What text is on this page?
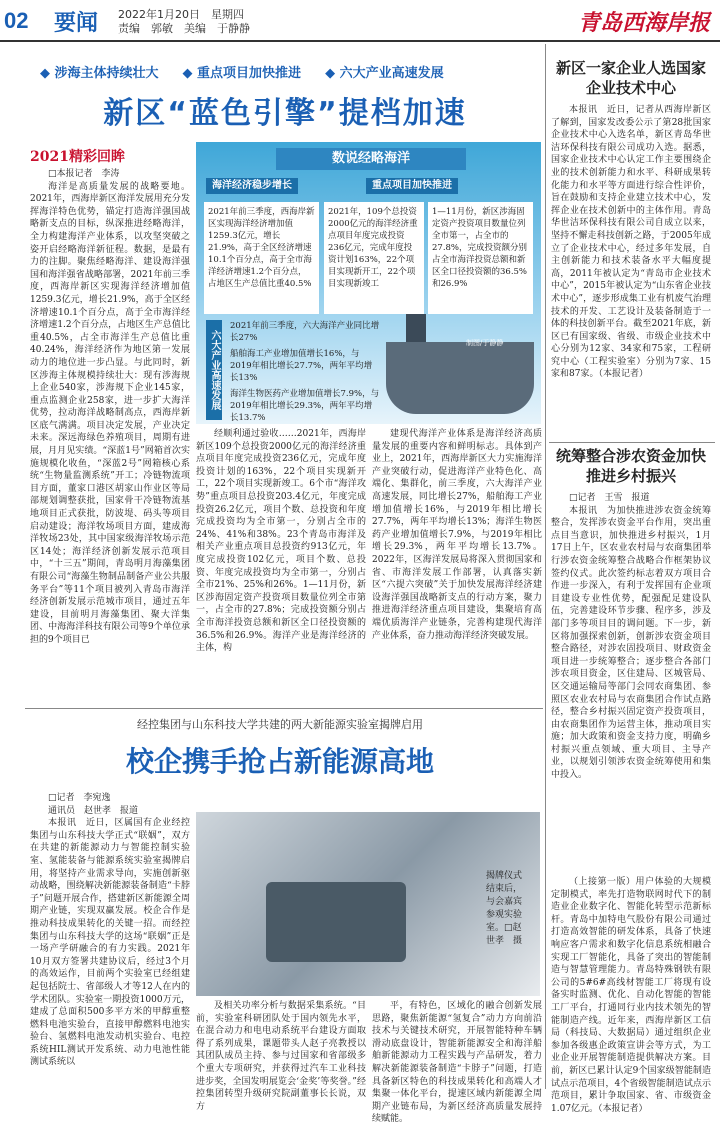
02 要闻 2022年1月20日　星期四
责编　郭敏　美编　于静静	青岛西海岸报
◆ 涉海主体持续壮大 ◆ 重点项目加快推进 ◆ 六大产业高速发展
新区“蓝色引擎”提档加速
2021精彩回眸

□本报记者　李涛

海洋是高质量发展的战略要地。2021年，西海岸新区海洋发展用充分发挥海洋特色优势，锚定打造海洋强国战略新支点的目标，纵深推进经略海洋，全力构建海洋产业体系，以攻坚突破之姿开启经略海洋新征程。数据，是最有力的注脚。聚焦经略海洋、建设海洋强国和海洋强省战略部署，2021年前三季度，西海岸新区实现海洋经济增加值1259.3亿元，增长21.9%，高于全区经济增速10.1个百分点，高于全市海洋经济增速1.2个百分点，占地区生产总值比重40.5%，占全市海洋生产总值比重40.24%，海洋经济作为地区第一发展动力的地位进一步凸显。与此同时，新区涉海主体规模持续壮大：现有涉海规上企业540家，涉海规下企业145家，重点监测企业258家，进一步扩大海洋优势，拉动海洋战略制高点，西海岸新区底气满满。项目决定发展，产业决定未来。深远海绿色养殖项目，周期有进展，月月见实绩。“深蓝1号”网箱首次实施规模化收鱼，“深蓝2号”网箱核心系统“生物量监测系统”开工；冷链物流项目方面，董家口港区胡家山作业区等局部规划调整获批，国家骨干冷链物流基地项目正式获批，防波堤、码头等项目启动建设；海洋牧场项目方面，建成海洋牧场23处，其中国家级海洋牧场示范区14处；海洋经济创新发展示范项目中，“十三五”期间，青岛明月海藻集团有限公司“海藻生物制品制备产业公共服务平台”等11个项目被列入青岛市海洋经济创新发展示范城市项目，通过五年建设，目前明月海藻集团、聚大洋集团、中海海洋科技有限公司等9个单位承担的9个项目已

数说经略海洋
海洋经济稳步增长	重点项目加快推进
2021年前三季度，西海岸新区实现海洋经济增加值1259.3亿元，增长21.9%，高于全区经济增速10.1个百分点，高于全市海洋经济增速1.2个百分点，占地区生产总值比重40.5%
2021年，109个总投资2000亿元的海洋经济重点项目年度完成投资236亿元，完成年度投资计划163%，22个项目实现新开工，22个项目实现新竣工
1—11月份，新区涉海固定资产投资项目数量位列全市第一，占全市的27.8%，完成投资额分别占全市海洋投资总额和新区全口径投资额的36.5%和26.9%
六大产业高速发展
2021年前三季度，六大海洋产业同比增长27%
船舶海工产业增加值增长16%，与2019年相比增长27.7%，两年平均增长13%
海洋生物医药产业增加值增长7.9%，与2019年相比增长29.3%，两年平均增长13.7%
制图/于静静

经顺利通过验收……2021年，西海岸新区109个总投资2000亿元的海洋经济重点项目年度完成投资236亿元，完成年度投资计划的163%，22个项目实现新开工，22个项目实现新竣工。6个市“海洋攻势”重点项目总投资203.4亿元，年度完成投资26.2亿元，项目个数、总投资和年度完成投资均为全市第一，分别占全市的24%、41%和38%。23个青岛市海洋及相关产业重点项目总投资约913亿元，年度完成投资102亿元，项目个数、总投资、年度完成投资均为全市第一，分别占全市21%、25%和26%。1—11月份，新区涉海固定资产投资项目数量位列全市第一，占全市的27.8%；完成投资额分别占全市海洋投资总额和新区全口径投资额的36.5%和26.9%。海洋产业是海洋经济的主体，构

建现代海洋产业体系是海洋经济高质量发展的重要内容和鲜明标志。具体到产业上，2021年，西海岸新区大力实施海洋产业突破行动，促进海洋产业特色化、高端化、集群化，前三季度，六大海洋产业高速发展，同比增长27%，船舶海工产业增加值增长16%，与2019年相比增长27.7%，两年平均增长13%；海洋生物医药产业增加值增长7.9%，与2019年相比增长29.3%，两年平均增长13.7%。2022年，区海洋发展局将深入贯彻国家和省、市海洋发展工作部署，认真落实新区“六提六突破”关于加快发展海洋经济建设海洋强国战略新支点的行动方案，聚力推进海洋经济重点项目建设，集聚培育高端优质海洋产业链条，完善构建现代海洋产业体系，奋力推动海洋经济突破发展。

新区一家企业人选国家企业技术中心

本报讯　近日，记者从西海岸新区了解到，国家发改委公示了第28批国家企业技术中心入选名单，新区青岛华世洁环保科技有限公司成功入选。据悉，国家企业技术中心认定工作主要围绕企业的技术创新能力和水平、科研成果转化能力和水平等方面进行综合性评价，旨在鼓励和支持企业建立技术中心，发挥企业在技术创新中的主体作用。青岛华世洁环保科技有限公司自成立以来，坚持不懈走科技创新之路，于2005年成立了企业技术中心，经过多年发展，自主创新能力和技术装备水平大幅度提高，2011年被认定为“青岛市企业技术中心”，2015年被认定为“山东省企业技术中心”，逐步形成集工业有机废气治理技术的开发、工艺设计及装备制造于一体的科技创新平台。截至2021年底，新区已有国家级、省级、市级企业技术中心分别为12家、34家和75家，工程研究中心（工程实验室）分别为7家、15家和87家。（本报记者）

统筹整合涉农资金加快推进乡村振兴

□记者　王雪　报道

本报讯　为加快推进涉农资金统筹整合，发挥涉农资金平台作用，突出重点目当意识，加快推进乡村振兴，1月17日上午，区农业农村局与农商集团举行涉农资金统筹整合战略合作框架协议签约仪式。此次签约标志着双方项目合作进一步深入，有利于发挥国有企业项目建设专业性优势，配强配足建设队伍，完善建设环节步骤、程序多，涉及部门多等项目目的调问题。下一步，新区将加强探索创新，创新涉农资金项目整合路径，对涉农固投项目、财政资金项目进一步统筹整合；逐步整合各部门涉农项目资金，区住建局、区城管局、区交通运输局等部门会同农商集团、参照区农业农村局与农商集团合作试点路径，整合乡村振兴固定资产投资项目，由农商集团作为运营主体，推动项目实施；加大政策和资金支持力度，明确乡村振兴重点领域、重大项目、主导产业，以规划引领涉农资金统筹使用和集中投入。

经控集团与山东科技大学共建的两大新能源实验室揭牌启用
校企携手抢占新能源高地

□记者　李宛逸

通讯员　赵世孝　报道

本报讯　近日，区属国有企业经控集团与山东科技大学正式“联姻”，双方在共建的新能源动力与智能控制实验室、氢能装备与能源系统实验室揭牌启用，将坚持产业需求导向，实施创新驱动战略，围绕解决新能源装备制造“卡脖子”问题开展合作，搭建新区新能源全周期产业链，实现双赢发展。校企合作是推动科技成果转化的关键一招。而经控集团与山东科技大学的这场“联姻”正是一场产学研融合的有力实践。2021年10月双方签署共建协议后，经过3个月的高效运作，目前两个实验室已经组建起包括院士、省部级人才等12人在内的学术团队。实验室一期投资1000万元，建成了总面积500多平方米的甲醇重整燃料电池实验台，直接甲醇燃料电池实验台、氢燃料电池发动机实验台、电控系统HIL测试开发系统、动力电池性能测试系统以

揭牌仪式结束后，与会嘉宾参观实验室。□赵世孝　摄

及相关功率分析与数据采集系统。“目前，实验室科研团队处于国内领先水平，在混合动力和电电动系统平台建设方面取得了系列成果，课题带头人赵子亮教授以其团队成员主持、参与过国家和省部级多个重大专项研究，并获得过汽车工业科技进步奖，全国发明展览会‘金奖’等奖誉。”经控集团转型升级研究院副董事长长说，双方

平，有特色，区域化的融合创新发展思路，聚焦新能源“氢复合”动力方向前沿技术与关键技术研究，开展智能特种车辆滑动底盘设计，智能新能源安全和海洋船舶新能源动力工程实践与产品研发，着力解决新能源装备制造“卡脖子”问题，打造具备新区特色的科技成果转化和高端人才集聚一体化平台，提速区域内新能源全周期产业链布局，为新区经济高质量发展持续赋能。

（上接第一版）用户体验的大规模定制模式，率先打造物联网时代下的制造业企业数字化、智能化转型示范新标杆。青岛中加特电气股份有限公司通过打造高效智能的研发体系，具备了快速响应客户需求和数字化信息系统相融合实现工厂智能化，具备了突出的智能制造与智慧管理能力。青岛特殊钢铁有限公司的5#6#高线材智能工厂将现有设备实时监测、优化、自动化智能的智能工厂平台，打通同行业内技术领先的智能制造产线。近年来，西海岸新区工信局（科技局、大数据局）通过组织企业参加各级惠企政策宣讲会等方式，为工业企业开展智能制造提供解决方案。目前，新区已累计认定9个国家级智能制造试点示范项目，4个省级智能制造试点示范项目，累计争取国家、省、市级资金1.07亿元。（本报记者）
